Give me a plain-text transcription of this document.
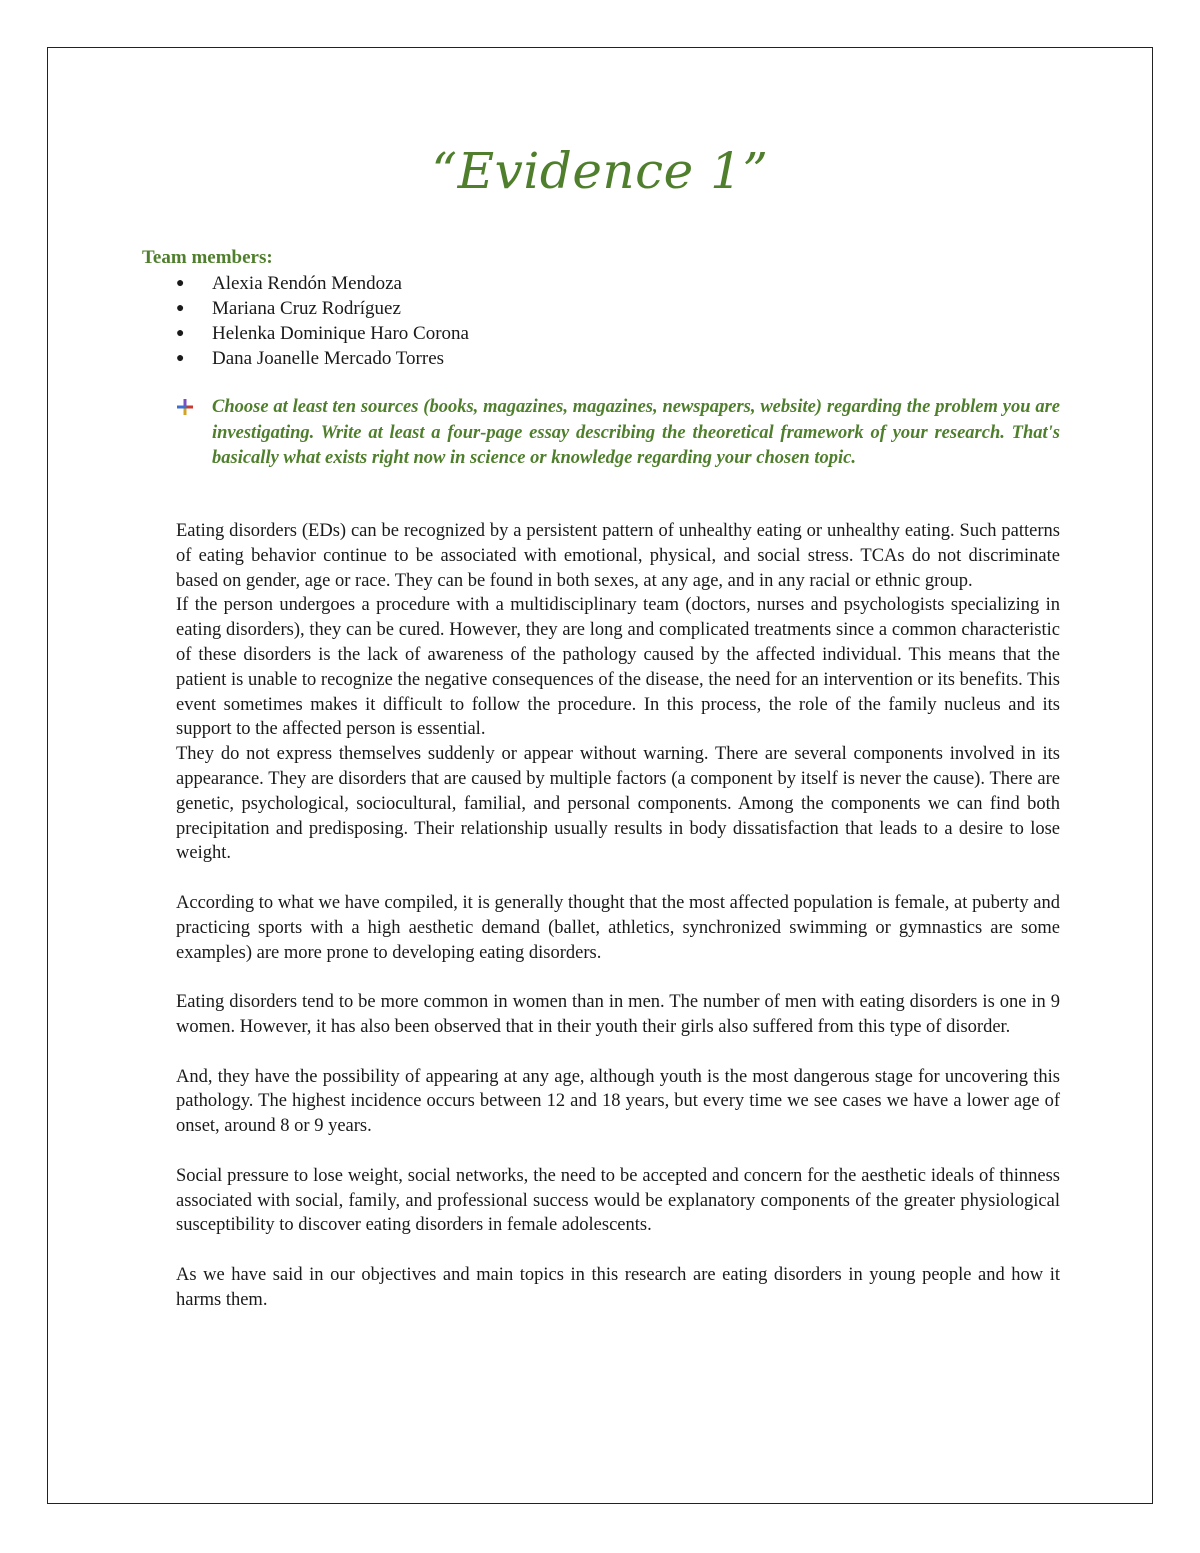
“Evidence 1”
Team members:
● Alexia Rendón Mendoza
● Mariana Cruz Rodríguez
● Helenka Dominique Haro Corona
● Dana Joanelle Mercado Torres

Choose at least ten sources (books, magazines, magazines, newspapers, website) regarding the problem you are investigating. Write at least a four-page essay describing the theoretical framework of your research. That's basically what exists right now in science or knowledge regarding your chosen topic.

Eating disorders (EDs) can be recognized by a persistent pattern of unhealthy eating or unhealthy eating. Such patterns of eating behavior continue to be associated with emotional, physical, and social stress. TCAs do not discriminate based on gender, age or race. They can be found in both sexes, at any age, and in any racial or ethnic group.

If the person undergoes a procedure with a multidisciplinary team (doctors, nurses and psychologists specializing in eating disorders), they can be cured. However, they are long and complicated treatments since a common characteristic of these disorders is the lack of awareness of the pathology caused by the affected individual. This means that the patient is unable to recognize the negative consequences of the disease, the need for an intervention or its benefits. This event sometimes makes it difficult to follow the procedure. In this process, the role of the family nucleus and its support to the affected person is essential.

They do not express themselves suddenly or appear without warning. There are several components involved in its appearance. They are disorders that are caused by multiple factors (a component by itself is never the cause). There are genetic, psychological, sociocultural, familial, and personal components. Among the components we can find both precipitation and predisposing. Their relationship usually results in body dissatisfaction that leads to a desire to lose weight.

According to what we have compiled, it is generally thought that the most affected population is female, at puberty and practicing sports with a high aesthetic demand (ballet, athletics, synchronized swimming or gymnastics are some examples) are more prone to developing eating disorders.

Eating disorders tend to be more common in women than in men. The number of men with eating disorders is one in 9 women. However, it has also been observed that in their youth their girls also suffered from this type of disorder.

And, they have the possibility of appearing at any age, although youth is the most dangerous stage for uncovering this pathology. The highest incidence occurs between 12 and 18 years, but every time we see cases we have a lower age of onset, around 8 or 9 years.

Social pressure to lose weight, social networks, the need to be accepted and concern for the aesthetic ideals of thinness associated with social, family, and professional success would be explanatory components of the greater physiological susceptibility to discover eating disorders in female adolescents.

As we have said in our objectives and main topics in this research are eating disorders in young people and how it harms them.
